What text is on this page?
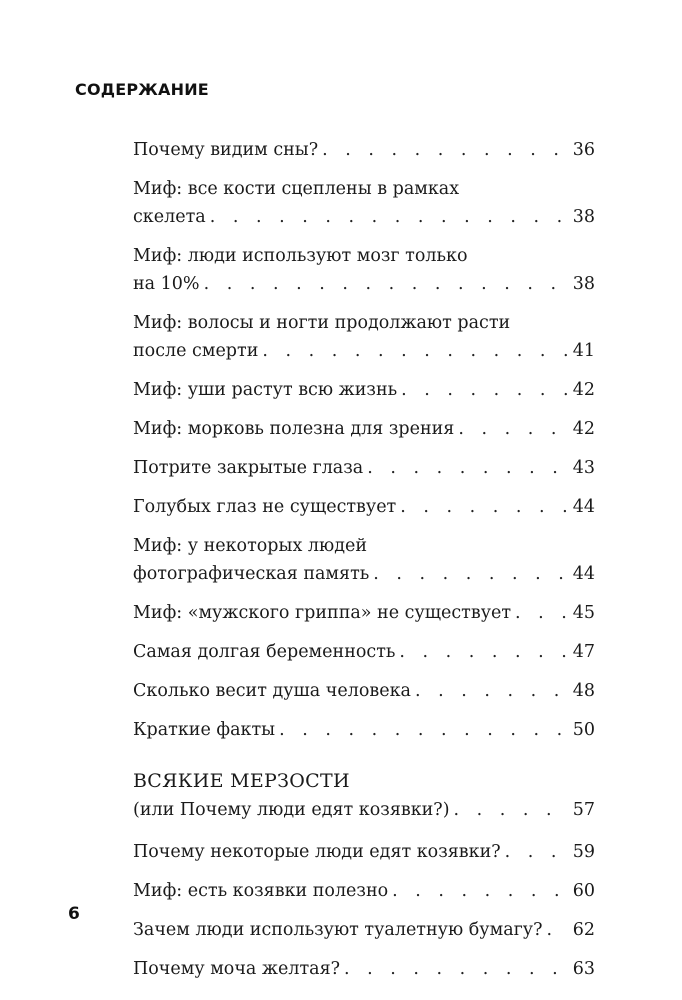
СОДЕРЖАНИЕ
Почему видим сны? . . .	36
Миф: все кости сцеплены в рамках
скелета . . .	38
Миф: люди используют мозг только
на 10% . . .	38
Миф: волосы и ногти продолжают расти
после смерти . . .	41
Миф: уши растут всю жизнь . . .	42
Миф: морковь полезна для зрения . . .	42
Потрите закрытые глаза . . .	43
Голубых глаз не существует . . .	44
Миф: у некоторых людей
фотографическая память . . .	44
Миф: «мужского гриппа» не существует . . .	45
Самая долгая беременность . . .	47
Сколько весит душа человека . . .	48
Краткие факты . . .	50
ВСЯКИЕ МЕРЗОСТИ
(или Почему люди едят козявки?) . . .	57
Почему некоторые люди едят козявки? . . .	59
Миф: есть козявки полезно . . .	60
Зачем люди используют туалетную бумагу? . . . 62
Почему моча желтая? . . .	63
6
